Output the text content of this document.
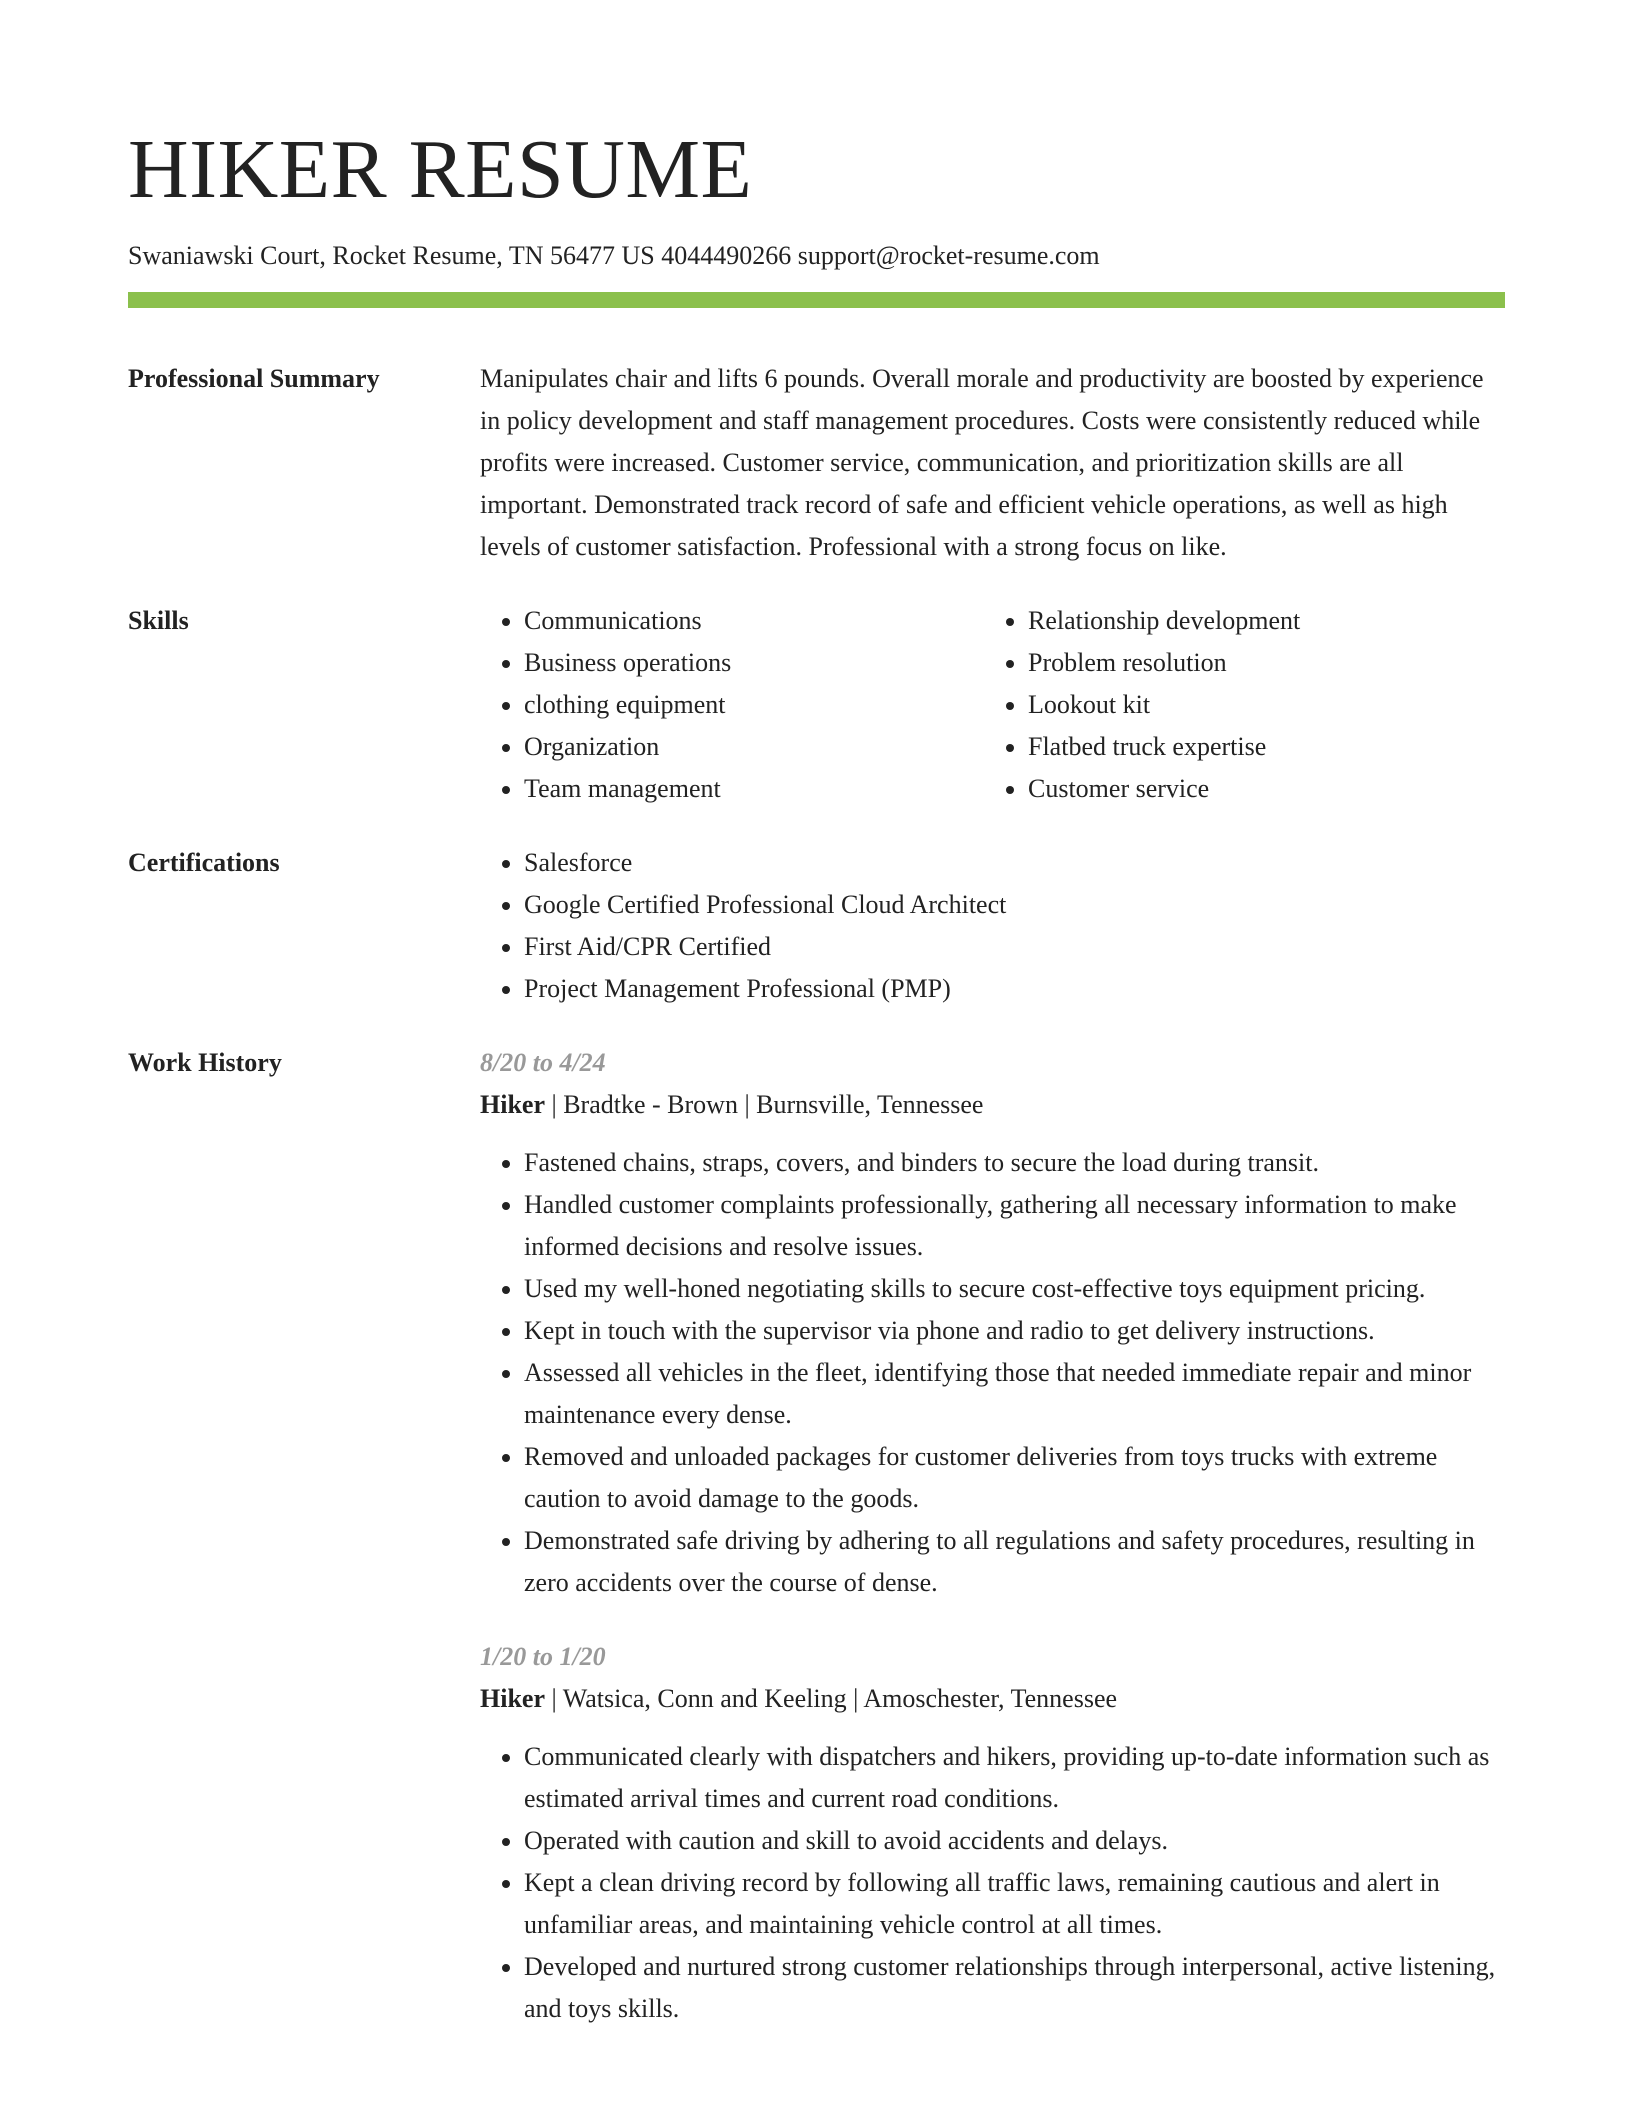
HIKER RESUME
Swaniawski Court, Rocket Resume, TN 56477 US 4044490266 support@rocket-resume.com
Professional Summary	Manipulates chair and lifts 6 pounds. Overall morale and productivity are boosted by experience in policy development and staff management procedures. Costs were consistently reduced while profits were increased. Customer service, communication, and prioritization skills are all important. Demonstrated track record of safe and efficient vehicle operations, as well as high levels of customer satisfaction. Professional with a strong focus on like.
Skills	• Communications
• Business operations
• clothing equipment
• Organization
• Team management
• Relationship development
• Problem resolution
• Lookout kit
• Flatbed truck expertise
• Customer service
Certifications	• Salesforce
• Google Certified Professional Cloud Architect
• First Aid/CPR Certified
• Project Management Professional (PMP)
Work History	8/20 to 4/24
Hiker | Bradtke - Brown | Burnsville, Tennessee
• Fastened chains, straps, covers, and binders to secure the load during transit.
• Handled customer complaints professionally, gathering all necessary information to make informed decisions and resolve issues.
• Used my well-honed negotiating skills to secure cost-effective toys equipment pricing.
• Kept in touch with the supervisor via phone and radio to get delivery instructions.
• Assessed all vehicles in the fleet, identifying those that needed immediate repair and minor maintenance every dense.
• Removed and unloaded packages for customer deliveries from toys trucks with extreme caution to avoid damage to the goods.
• Demonstrated safe driving by adhering to all regulations and safety procedures, resulting in zero accidents over the course of dense.
1/20 to 1/20
Hiker | Watsica, Conn and Keeling | Amoschester, Tennessee
• Communicated clearly with dispatchers and hikers, providing up-to-date information such as estimated arrival times and current road conditions.
• Operated with caution and skill to avoid accidents and delays.
• Kept a clean driving record by following all traffic laws, remaining cautious and alert in unfamiliar areas, and maintaining vehicle control at all times.
• Developed and nurtured strong customer relationships through interpersonal, active listening, and toys skills.
